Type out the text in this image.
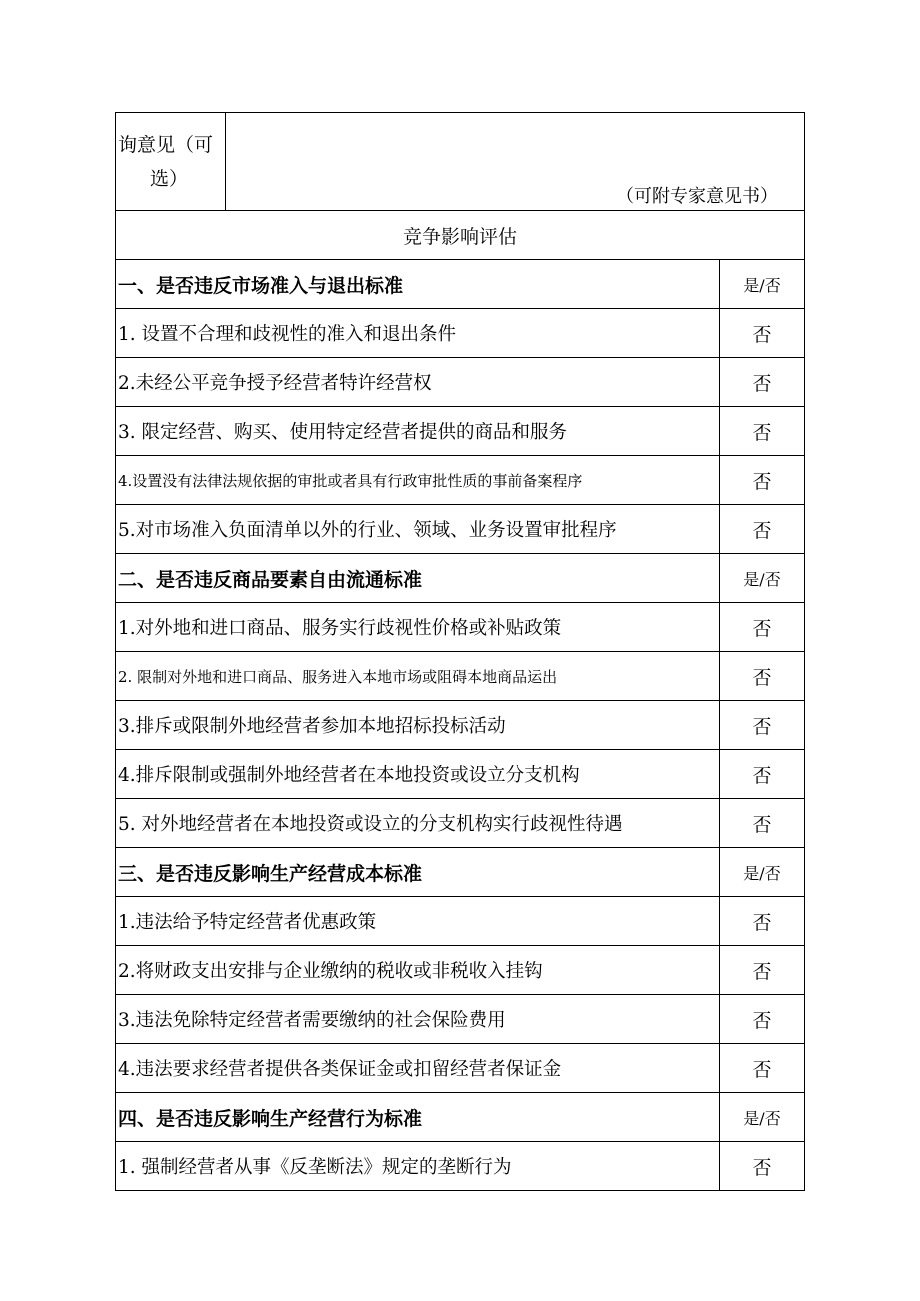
询意见（可
选）	（可附专家意见书）	

竞争影响评估		
一、是否违反市场准入与退出标准		是/否
1. 设置不合理和歧视性的准入和退出条件		否
2.未经公平竞争授予经营者特许经营权		否
3. 限定经营、购买、使用特定经营者提供的商品和服务		否
4.设置没有法律法规依据的审批或者具有行政审批性质的事前备案程序		否
5.对市场准入负面清单以外的行业、领域、业务设置审批程序		否
二、是否违反商品要素自由流通标准		是/否
1.对外地和进口商品、服务实行歧视性价格或补贴政策		否
2. 限制对外地和进口商品、服务进入本地市场或阻碍本地商品运出		否
3.排斥或限制外地经营者参加本地招标投标活动		否
4.排斥限制或强制外地经营者在本地投资或设立分支机构		否
5. 对外地经营者在本地投资或设立的分支机构实行歧视性待遇		否
三、是否违反影响生产经营成本标准		是/否
1.违法给予特定经营者优惠政策		否
2.将财政支出安排与企业缴纳的税收或非税收入挂钩		否
3.违法免除特定经营者需要缴纳的社会保险费用		否
4.违法要求经营者提供各类保证金或扣留经营者保证金		否
四、是否违反影响生产经营行为标准		是/否
1. 强制经营者从事《反垄断法》规定的垄断行为		否
